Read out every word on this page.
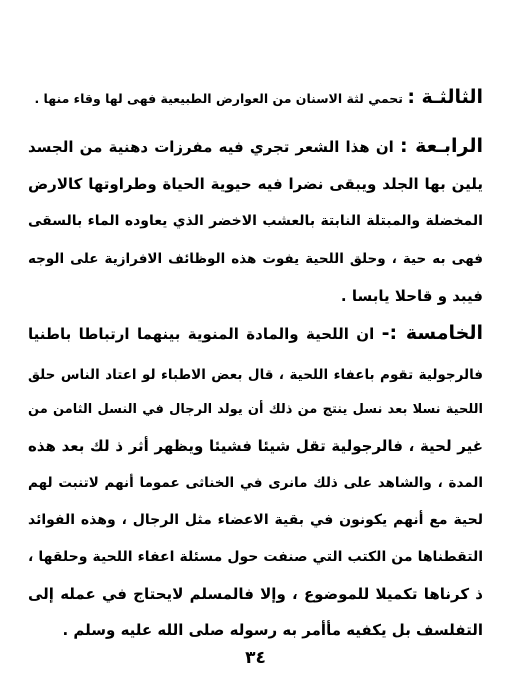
الثالثـة : تحمي لثة الاسنان من العوارض الطبيعية فهى لها وقاء منها .
الرابـعة : ان هذا الشعر تجري فيه مفرزات دهنية من الجسد
يلين بها الجلد ويبقى نضرا فيه حيوية الحياة وطراوتها كالارض
المخضلة والمبتلة النابتة بالعشب الاخضر الذي يعاوده الماء بالسقى
فهى به حية ، وحلق اللحية يفوت هذه الوظائف الافرازية على الوجه
فيبد و قاحلا يابسا .
الخامسة :- ان اللحية والمادة المنوية بينهما ارتباطا باطنيا
فالرجولية تقوم باعفاء اللحية ، قال بعض الاطباء لو اعتاد الناس حلق
اللحية نسلا بعد نسل ينتج من ذلك أن يولد الرجال في النسل الثامن من
غير لحية ، فالرجولية تقل شيئا فشيئا ويظهر أثر ذ لك بعد هذه
المدة ، والشاهد على ذلك مانرى في الخناثى عموما أنهم لاتنبت لهم
لحية مع أنهم يكونون في بقية الاعضاء مثل الرجال ، وهذه الفوائد
التقطناها من الكتب التي صنفت حول مسئلة اعفاء اللحية وحلقها ،
ذ كرناها تكميلا للموضوع ، وإلا فالمسلم لايحتاج في عمله إلى
التفلسف بل يكفيه مأأمر به رسوله صلى الله عليه وسلم .
٣٤
